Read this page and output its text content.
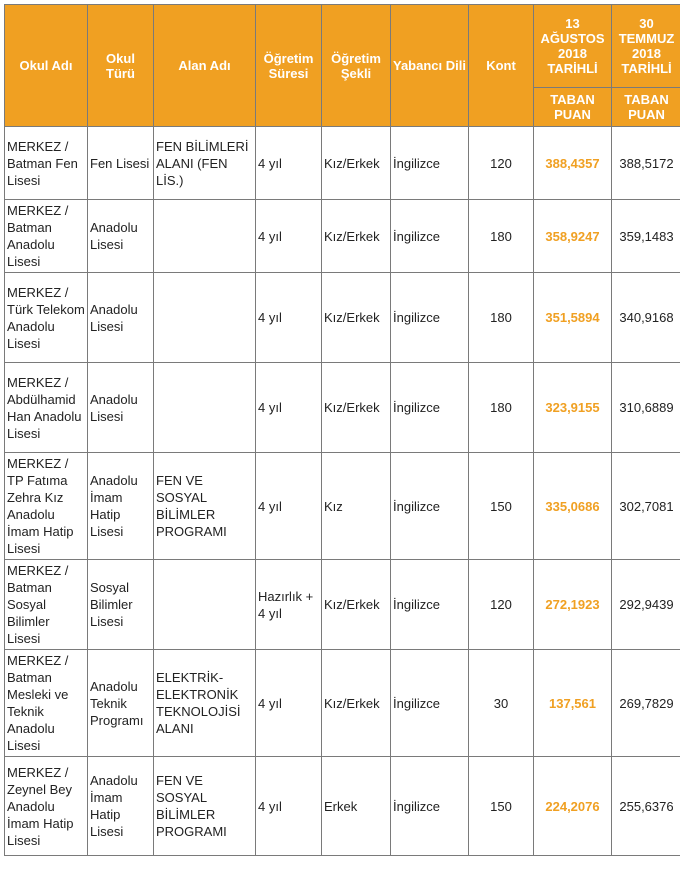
Okul Adı	Okul Türü	Alan Adı	Öğretim Süresi	Öğretim Şekli	Yabancı Dili	Kont	13 AĞUSTOS 2018 TARİHLİ	30 TEMMUZ 2018 TARİHLİ
							TABAN PUAN	TABAN PUAN
MERKEZ / Batman Fen Lisesi	Fen Lisesi	FEN BİLİMLERİ ALANI (FEN LİS.)	4 yıl	Kız/Erkek	İngilizce	120	388,4357	388,5172
MERKEZ / Batman Anadolu Lisesi	Anadolu Lisesi		4 yıl	Kız/Erkek	İngilizce	180	358,9247	359,1483
MERKEZ / Türk Telekom Anadolu Lisesi	Anadolu Lisesi		4 yıl	Kız/Erkek	İngilizce	180	351,5894	340,9168
MERKEZ / Abdülhamid Han Anadolu Lisesi	Anadolu Lisesi		4 yıl	Kız/Erkek	İngilizce	180	323,9155	310,6889
MERKEZ / TP Fatıma Zehra Kız Anadolu İmam Hatip Lisesi	Anadolu İmam Hatip Lisesi	FEN VE SOSYAL BİLİMLER PROGRAMI	4 yıl	Kız	İngilizce	150	335,0686	302,7081
MERKEZ / Batman Sosyal Bilimler Lisesi	Sosyal Bilimler Lisesi		Hazırlık + 4 yıl	Kız/Erkek	İngilizce	120	272,1923	292,9439
MERKEZ / Batman Mesleki ve Teknik Anadolu Lisesi	Anadolu Teknik Programı	ELEKTRİK-ELEKTRONİK TEKNOLOJİSİ ALANI	4 yıl	Kız/Erkek	İngilizce	30	137,561	269,7829
MERKEZ / Zeynel Bey Anadolu İmam Hatip Lisesi	Anadolu İmam Hatip Lisesi	FEN VE SOSYAL BİLİMLER PROGRAMI	4 yıl	Erkek	İngilizce	150	224,2076	255,6376
